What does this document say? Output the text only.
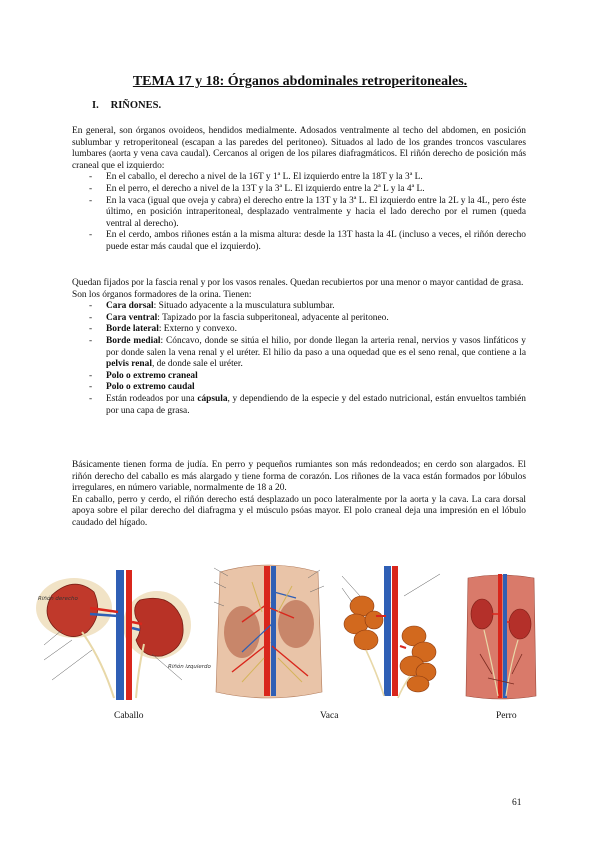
TEMA 17 y 18: Órganos abdominales retroperitoneales.
I. RIÑONES.

En general, son órganos ovoideos, hendidos medialmente. Adosados ventralmente al techo del abdomen, en posición sublumbar y retroperitoneal (escapan a las paredes del peritoneo). Situados al lado de los grandes troncos vasculares lumbares (aorta y vena cava caudal). Cercanos al origen de los pilares diafragmáticos. El riñón derecho de posición más craneal que el izquierdo:

- En el caballo, el derecho a nivel de la 16T y 1ª L. El izquierdo entre la 18T y la 3ª L.
- En el perro, el derecho a nivel de la 13T y la 3ª L. El izquierdo entre la 2ª L y la 4ª L.
- En la vaca (igual que oveja y cabra) el derecho entre la 13T y la 3ª L. El izquierdo entre la 2L y la 4L, pero éste último, en posición intraperitoneal, desplazado ventralmente y hacia el lado derecho por el rumen (queda ventral al derecho).
- En el cerdo, ambos riñones están a la misma altura: desde la 13T hasta la 4L (incluso a veces, el riñón derecho puede estar más caudal que el izquierdo).

Quedan fijados por la fascia renal y por los vasos renales. Quedan recubiertos por una menor o mayor cantidad de grasa.

Son los órganos formadores de la orina. Tienen:

- Cara dorsal: Situado adyacente a la musculatura sublumbar.
- Cara ventral: Tapizado por la fascia subperitoneal, adyacente al peritoneo.
- Borde lateral: Externo y convexo.
- Borde medial: Cóncavo, donde se sitúa el hilio, por donde llegan la arteria renal, nervios y vasos linfáticos y por donde salen la vena renal y el uréter. El hilio da paso a una oquedad que es el seno renal, que contiene a la pelvis renal, de donde sale el uréter.
- Polo o extremo craneal
- Polo o extremo caudal
- Están rodeados por una cápsula, y dependiendo de la especie y del estado nutricional, están envueltos también por una capa de grasa.

Básicamente tienen forma de judía. En perro y pequeños rumiantes son más redondeados; en cerdo son alargados. El riñón derecho del caballo es más alargado y tiene forma de corazón. Los riñones de la vaca están formados por lóbulos irregulares, en número variable, normalmente de 18 a 20.

En caballo, perro y cerdo, el riñón derecho está desplazado un poco lateralmente por la aorta y la cava. La cara dorsal apoya sobre el pilar derecho del diafragma y el músculo psóas mayor. El polo craneal deja una impresión en el lóbulo caudado del hígado.

Riñón derecho
Riñón izquierdo
Caballo	Vaca	Perro
61
